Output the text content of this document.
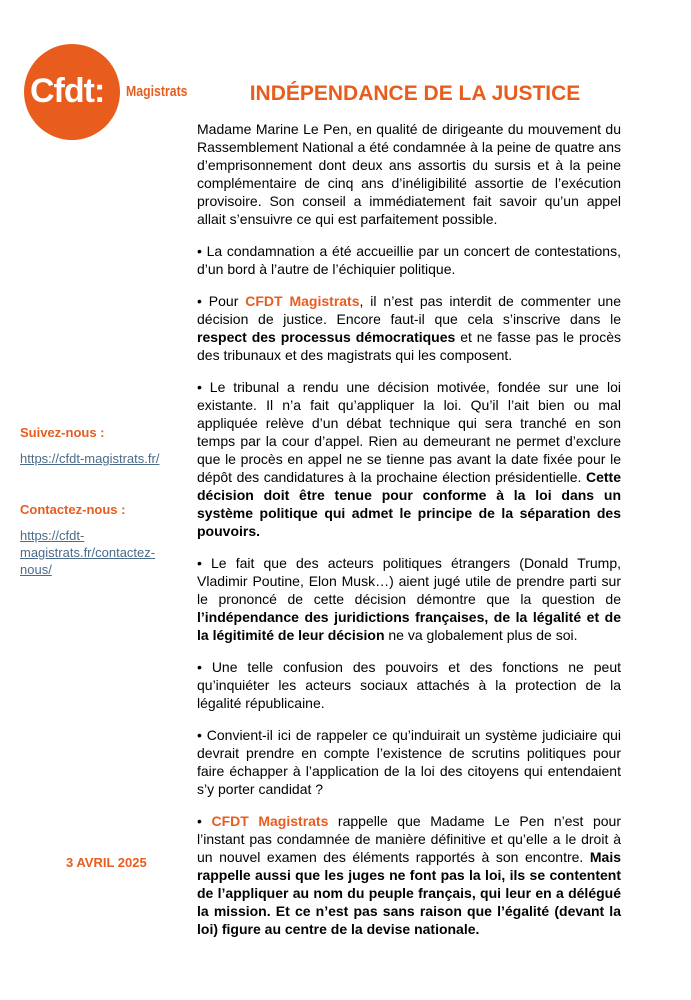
Cfdt: Magistrats	INDÉPENDANCE DE LA JUSTICE
Suivez-nous :
https://cfdt-magistrats.fr/
Contactez-nous :
https://cfdt-
magistrats.fr/contactez-
nous/
3 AVRIL 2025

Madame Marine Le Pen, en qualité de dirigeante du mouvement du Rassemblement National a été condamnée à la peine de quatre ans d’emprisonnement dont deux ans assortis du sursis et à la peine complémentaire de cinq ans d’inéligibilité assortie de l’exécution provisoire. Son conseil a immédiatement fait savoir qu’un appel allait s’ensuivre ce qui est parfaitement possible.

• La condamnation a été accueillie par un concert de contestations, d’un bord à l’autre de l’échiquier politique.

• Pour CFDT Magistrats, il n’est pas interdit de commenter une décision de justice. Encore faut-il que cela s’inscrive dans le respect des processus démocratiques et ne fasse pas le procès des tribunaux et des magistrats qui les composent.

• Le tribunal a rendu une décision motivée, fondée sur une loi existante. Il n’a fait qu’appliquer la loi. Qu’il l’ait bien ou mal appliquée relève d’un débat technique qui sera tranché en son temps par la cour d’appel. Rien au demeurant ne permet d’exclure que le procès en appel ne se tienne pas avant la date fixée pour le dépôt des candidatures à la prochaine élection présidentielle. Cette décision doit être tenue pour conforme à la loi dans un système politique qui admet le principe de la séparation des pouvoirs.

• Le fait que des acteurs politiques étrangers (Donald Trump, Vladimir Poutine, Elon Musk…) aient jugé utile de prendre parti sur le prononcé de cette décision démontre que la question de l’indépendance des juridictions françaises, de la légalité et de la légitimité de leur décision ne va globalement plus de soi.

• Une telle confusion des pouvoirs et des fonctions ne peut qu’inquiéter les acteurs sociaux attachés à la protection de la légalité républicaine.

• Convient-il ici de rappeler ce qu’induirait un système judiciaire qui devrait prendre en compte l’existence de scrutins politiques pour faire échapper à l’application de la loi des citoyens qui entendaient s’y porter candidat ?

• CFDT Magistrats rappelle que Madame Le Pen n’est pour l’instant pas condamnée de manière définitive et qu’elle a le droit à un nouvel examen des éléments rapportés à son encontre. Mais rappelle aussi que les juges ne font pas la loi, ils se contentent de l’appliquer au nom du peuple français, qui leur en a délégué la mission. Et ce n’est pas sans raison que l’égalité (devant la loi) figure au centre de la devise nationale.
